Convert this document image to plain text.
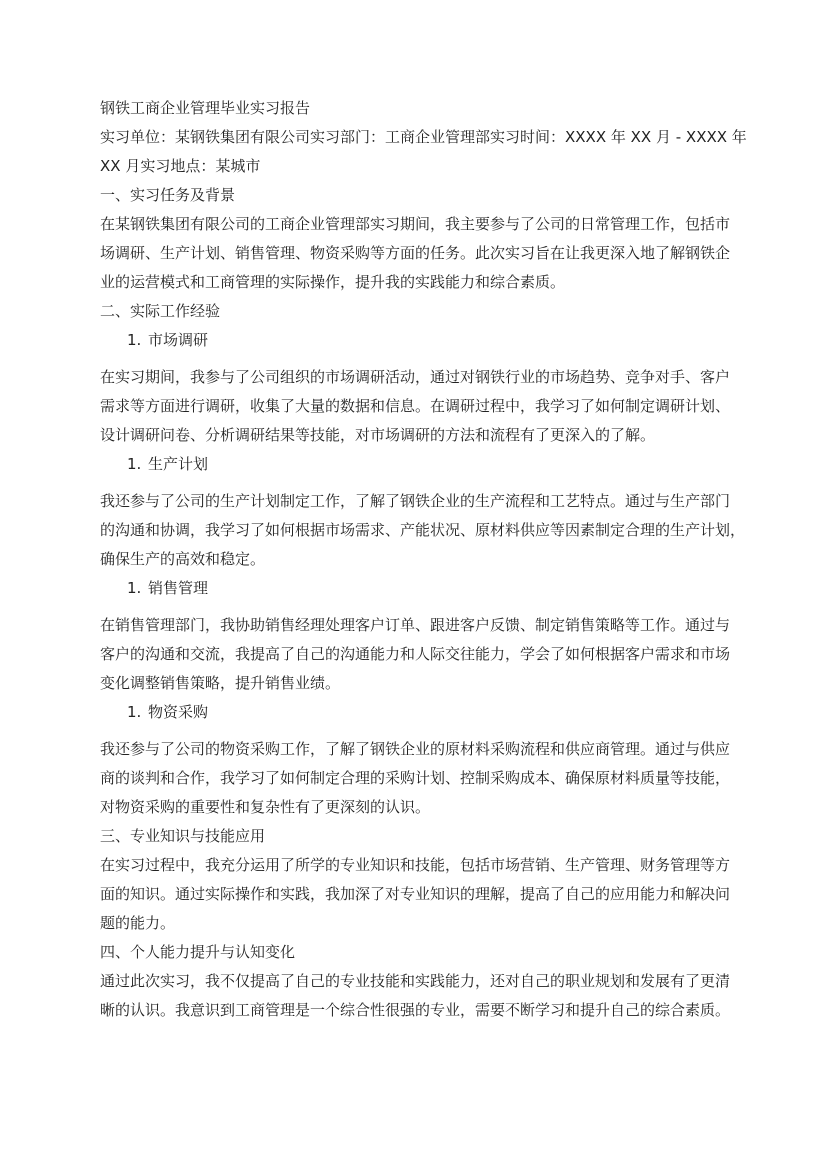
钢铁工商企业管理毕业实习报告
实习单位：某钢铁集团有限公司实习部门：工商企业管理部实习时间：XXXX 年 XX 月 - XXXX 年
XX 月实习地点：某城市
一、实习任务及背景
在某钢铁集团有限公司的工商企业管理部实习期间，我主要参与了公司的日常管理工作，包括市
场调研、生产计划、销售管理、物资采购等方面的任务。此次实习旨在让我更深入地了解钢铁企
业的运营模式和工商管理的实际操作，提升我的实践能力和综合素质。
二、实际工作经验
1. 市场调研
在实习期间，我参与了公司组织的市场调研活动，通过对钢铁行业的市场趋势、竞争对手、客户
需求等方面进行调研，收集了大量的数据和信息。在调研过程中，我学习了如何制定调研计划、
设计调研问卷、分析调研结果等技能，对市场调研的方法和流程有了更深入的了解。
1. 生产计划
我还参与了公司的生产计划制定工作，了解了钢铁企业的生产流程和工艺特点。通过与生产部门
的沟通和协调，我学习了如何根据市场需求、产能状况、原材料供应等因素制定合理的生产计划，
确保生产的高效和稳定。
1. 销售管理
在销售管理部门，我协助销售经理处理客户订单、跟进客户反馈、制定销售策略等工作。通过与
客户的沟通和交流，我提高了自己的沟通能力和人际交往能力，学会了如何根据客户需求和市场
变化调整销售策略，提升销售业绩。
1. 物资采购
我还参与了公司的物资采购工作，了解了钢铁企业的原材料采购流程和供应商管理。通过与供应
商的谈判和合作，我学习了如何制定合理的采购计划、控制采购成本、确保原材料质量等技能，
对物资采购的重要性和复杂性有了更深刻的认识。
三、专业知识与技能应用
在实习过程中，我充分运用了所学的专业知识和技能，包括市场营销、生产管理、财务管理等方
面的知识。通过实际操作和实践，我加深了对专业知识的理解，提高了自己的应用能力和解决问
题的能力。
四、个人能力提升与认知变化
通过此次实习，我不仅提高了自己的专业技能和实践能力，还对自己的职业规划和发展有了更清
晰的认识。我意识到工商管理是一个综合性很强的专业，需要不断学习和提升自己的综合素质。
